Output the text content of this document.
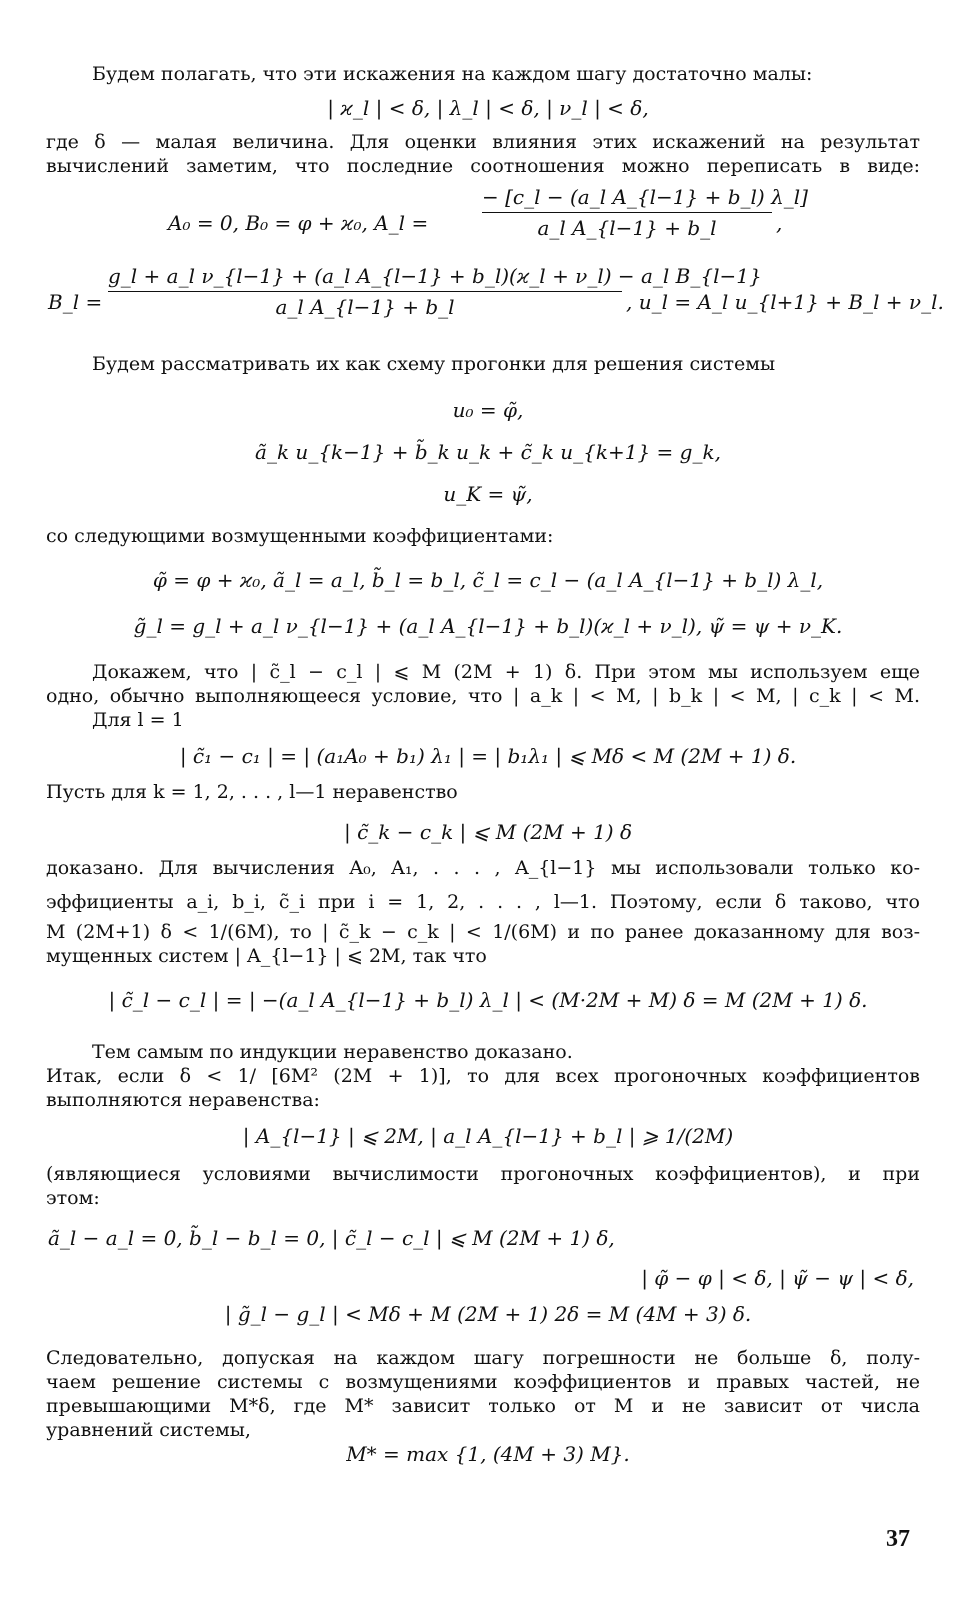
Будем полагать, что эти искажения на каждом шагу достаточно малы:
| ϰ_l | < δ, | λ_l | < δ, | ν_l | < δ,
где δ — малая величина. Для оценки влияния этих искажений на результат
вычислений заметим, что последние соотношения можно переписать в виде:
A₀ = 0, B₀ = φ + ϰ₀, A_l =
− [c_l − (a_l A_{l−1} + b_l) λ_l]
a_l A_{l−1} + b_l	,
B_l =
g_l + a_l ν_{l−1} + (a_l A_{l−1} + b_l)(ϰ_l + ν_l) − a_l B_{l−1}
a_l A_{l−1} + b_l	, u_l = A_l u_{l+1} + B_l + ν_l.
Будем рассматривать их как схему прогонки для решения системы
u₀ = φ̃,
ã_k u_{k−1} + b̃_k u_k + c̃_k u_{k+1} = g_k,
u_K = ψ̃,
со следующими возмущенными коэффициентами:
φ̃ = φ + ϰ₀, ã_l = a_l, b̃_l = b_l, c̃_l = c_l − (a_l A_{l−1} + b_l) λ_l,
g̃_l = g_l + a_l ν_{l−1} + (a_l A_{l−1} + b_l)(ϰ_l + ν_l), ψ̃ = ψ + ν_K.
Докажем, что | c̃_l − c_l | ⩽ M (2M + 1) δ. При этом мы используем еще
одно, обычно выполняющееся условие, что | a_k | < M, | b_k | < M, | c_k | < M.
Для l = 1
| c̃₁ − c₁ | = | (a₁A₀ + b₁) λ₁ | = | b₁λ₁ | ⩽ Mδ < M (2M + 1) δ.
Пусть для k = 1, 2, . . . , l—1 неравенство
| c̃_k − c_k | ⩽ M (2M + 1) δ
доказано. Для вычисления A₀, A₁, . . . , A_{l−1} мы использовали только ко-
эффициенты a_i, b_i, c̃_i при i = 1, 2, . . . , l—1. Поэтому, если δ таково, что
M (2M+1) δ < 1/(6M), то | c̃_k − c_k | < 1/(6M) и по ранее доказанному для воз-
мущенных систем | A_{l−1} | ⩽ 2M, так что
| c̃_l − c_l | = | −(a_l A_{l−1} + b_l) λ_l | < (M·2M + M) δ = M (2M + 1) δ.
Тем самым по индукции неравенство доказано.
Итак, если δ < 1/ [6M² (2M + 1)], то для всех прогоночных коэффициентов
выполняются неравенства:
| A_{l−1} | ⩽ 2M, | a_l A_{l−1} + b_l | ⩾ 1/(2M)
(являющиеся условиями вычислимости прогоночных коэффициентов), и при
этом:
ã_l − a_l = 0, b̃_l − b_l = 0, | c̃_l − c_l | ⩽ M (2M + 1) δ,
| φ̃ − φ | < δ, | ψ̃ − ψ | < δ,
| g̃_l − g_l | < Mδ + M (2M + 1) 2δ = M (4M + 3) δ.
Следовательно, допуская на каждом шагу погрешности не больше δ, полу-
чаем решение системы с возмущениями коэффициентов и правых частей, не
превышающими M*δ, где M* зависит только от M и не зависит от числа
уравнений системы,
M* = max {1, (4M + 3) M}.
37
